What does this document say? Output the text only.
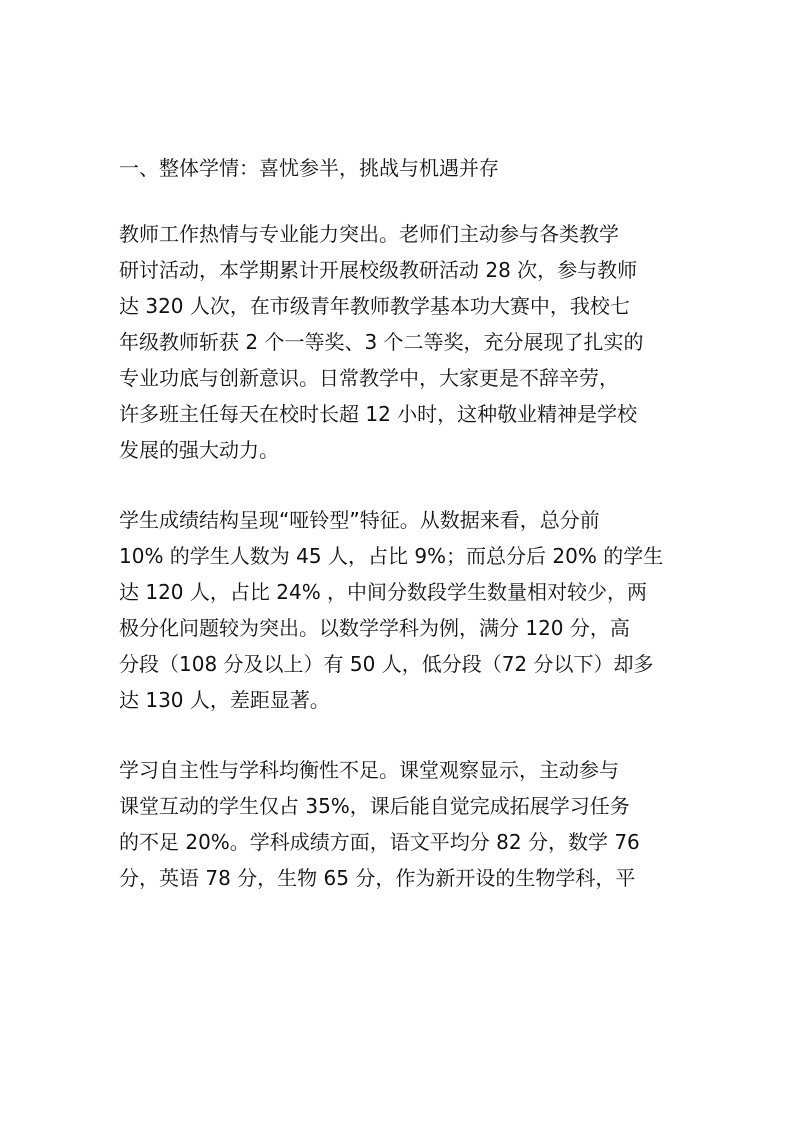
一、整体学情：喜忧参半，挑战与机遇并存

教师工作热情与专业能力突出。老师们主动参与各类教学
研讨活动，本学期累计开展校级教研活动 28 次，参与教师
达 320 人次，在市级青年教师教学基本功大赛中，我校七
年级教师斩获 2 个一等奖、3 个二等奖，充分展现了扎实的
专业功底与创新意识。日常教学中，大家更是不辞辛劳，
许多班主任每天在校时长超 12 小时，这种敬业精神是学校
发展的强大动力。

学生成绩结构呈现“哑铃型”特征。从数据来看，总分前
10% 的学生人数为 45 人，占比 9%；而总分后 20% 的学生
达 120 人，占比 24% ，中间分数段学生数量相对较少，两
极分化问题较为突出。以数学学科为例，满分 120 分，高
分段（108 分及以上）有 50 人，低分段（72 分以下）却多
达 130 人，差距显著。

学习自主性与学科均衡性不足。课堂观察显示，主动参与
课堂互动的学生仅占 35%，课后能自觉完成拓展学习任务
的不足 20%。学科成绩方面，语文平均分 82 分，数学 76
分，英语 78 分，生物 65 分，作为新开设的生物学科，平
